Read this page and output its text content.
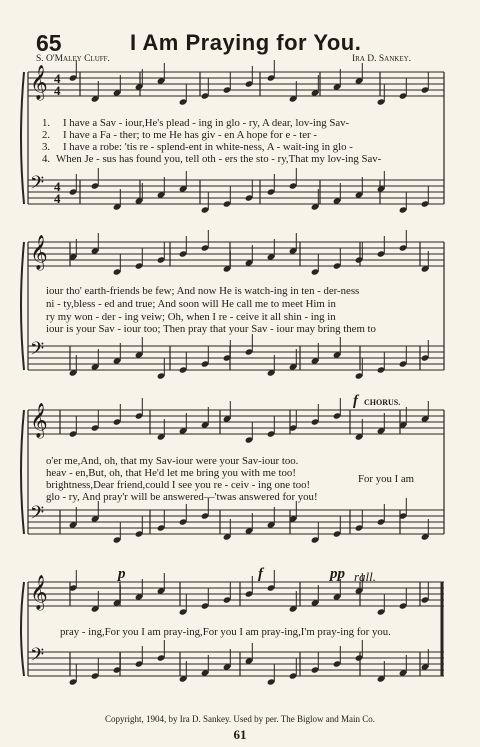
𝄞
𝄢
4
4
4
4
𝄞
𝄢
𝄞
𝄢
𝄞
𝄢
65	I Am Praying for You.
S. O'Maley Cluff.	Ira D. Sankey.
1. I have a Sav - iour,He's plead - ing in glo - ry, A dear, lov-ing Sav-
2. I have a Fa - ther; to me He has giv - en A hope for e - ter -
3. I have a robe: 'tis re - splend-ent in white-ness, A - wait-ing in glo -
4. When Je - sus has found you, tell oth - ers the sto - ry,That my lov-ing Sav-
iour tho' earth-friends be few; And now He is watch-ing in ten - der-ness
ni - ty,bless - ed and true; And soon will He call me to meet Him in
ry my won - der - ing veiw; Oh, when I re - ceive it all shin - ing in
iour is your Sav - iour too; Then pray that your Sav - iour may bring them to
o'er me,And, oh, that my Sav-iour were your Sav-iour too.
heav - en,But, oh, that He'd let me bring you with me too!
brightness,Dear friend,could I see you re - ceiv - ing one too!
glo - ry, And pray'r will be answered—'twas answered for you!
f CHORUS.
For you I am
p	f	pp rall.
pray - ing,For you I am pray-ing,For you I am pray-ing,I'm pray-ing for you.
Copyright, 1904, by Ira D. Sankey. Used by per. The Biglow and Main Co.
61
